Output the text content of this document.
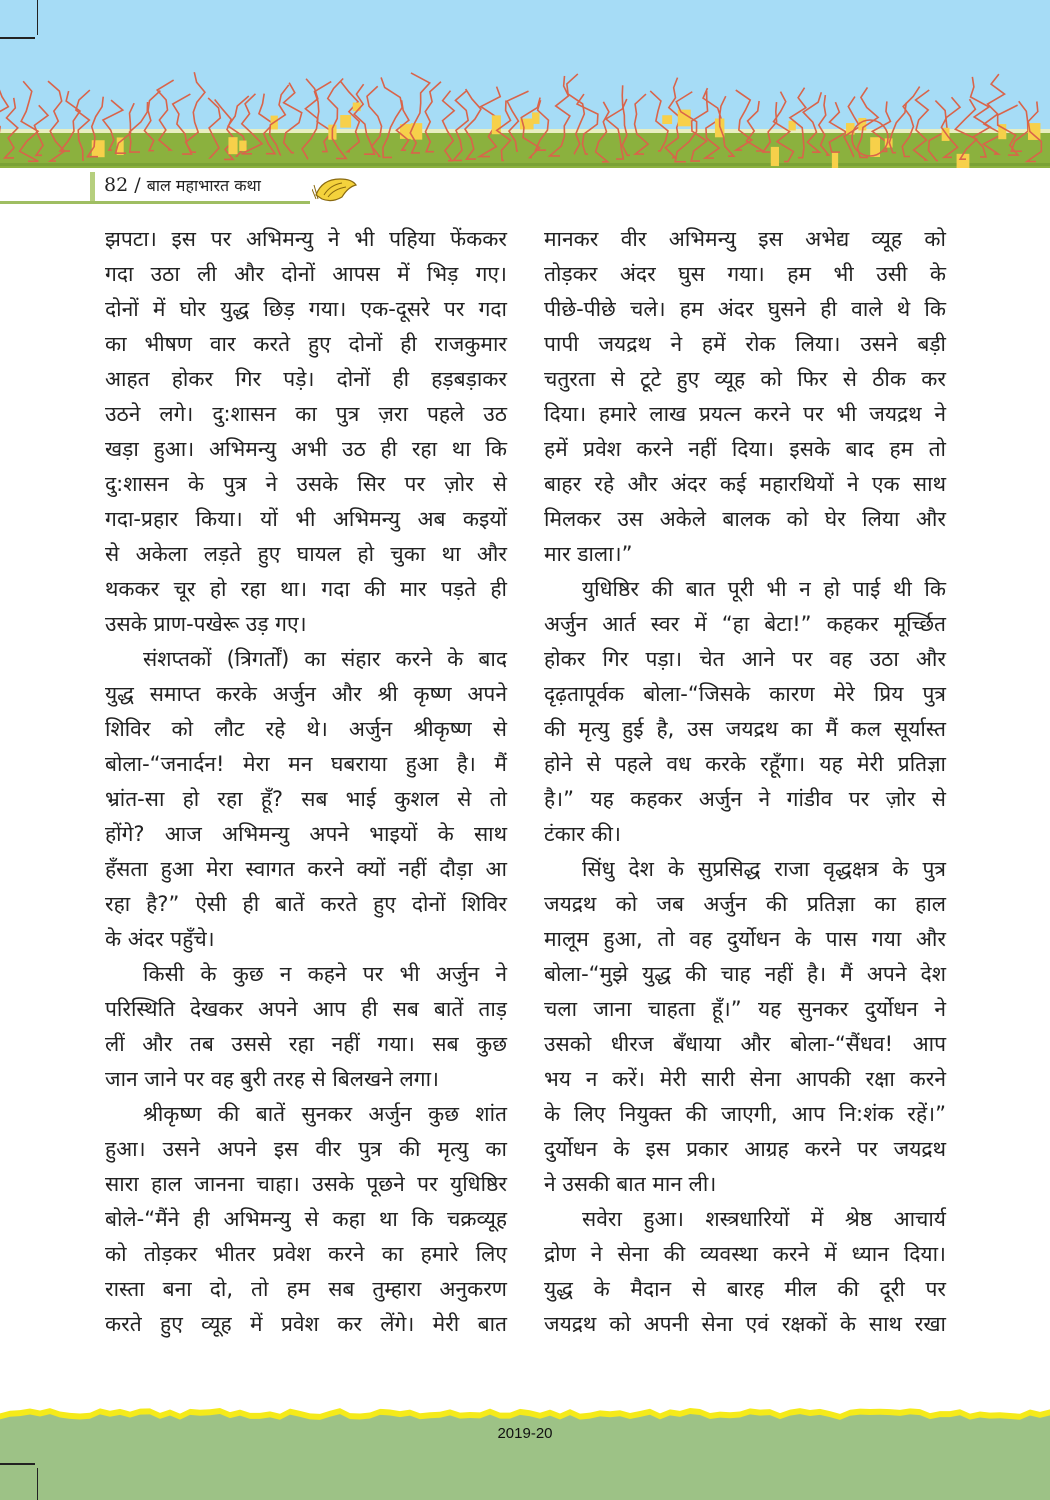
82 / बाल महाभारत कथा
झपटा। इस पर अभिमन्यु ने भी पहिया फेंककर
गदा उठा ली और दोनों आपस में भिड़ गए।
दोनों में घोर युद्ध छिड़ गया। एक-दूसरे पर गदा
का भीषण वार करते हुए दोनों ही राजकुमार
आहत होकर गिर पड़े। दोनों ही हड़बड़ाकर
उठने लगे। दु:शासन का पुत्र ज़रा पहले उठ
खड़ा हुआ। अभिमन्यु अभी उठ ही रहा था कि
दु:शासन के पुत्र ने उसके सिर पर ज़ोर से
गदा-प्रहार किया। यों भी अभिमन्यु अब कइयों
से अकेला लड़ते हुए घायल हो चुका था और
थककर चूर हो रहा था। गदा की मार पड़ते ही
उसके प्राण-पखेरू उड़ गए।
संशप्तकों (त्रिगर्तों) का संहार करने के बाद
युद्ध समाप्त करके अर्जुन और श्री कृष्ण अपने
शिविर को लौट रहे थे। अर्जुन श्रीकृष्ण से
बोला-“जनार्दन! मेरा मन घबराया हुआ है। मैं
भ्रांत-सा हो रहा हूँ? सब भाई कुशल से तो
होंगे? आज अभिमन्यु अपने भाइयों के साथ
हँसता हुआ मेरा स्वागत करने क्यों नहीं दौड़ा आ
रहा है?” ऐसी ही बातें करते हुए दोनों शिविर
के अंदर पहुँचे।
किसी के कुछ न कहने पर भी अर्जुन ने
परिस्थिति देखकर अपने आप ही सब बातें ताड़
लीं और तब उससे रहा नहीं गया। सब कुछ
जान जाने पर वह बुरी तरह से बिलखने लगा।
श्रीकृष्ण की बातें सुनकर अर्जुन कुछ शांत
हुआ। उसने अपने इस वीर पुत्र की मृत्यु का
सारा हाल जानना चाहा। उसके पूछने पर युधिष्ठिर
बोले-“मैंने ही अभिमन्यु से कहा था कि चक्रव्यूह
को तोड़कर भीतर प्रवेश करने का हमारे लिए
रास्ता बना दो, तो हम सब तुम्हारा अनुकरण
करते हुए व्यूह में प्रवेश कर लेंगे। मेरी बात
मानकर वीर अभिमन्यु इस अभेद्य व्यूह को
तोड़कर अंदर घुस गया। हम भी उसी के
पीछे-पीछे चले। हम अंदर घुसने ही वाले थे कि
पापी जयद्रथ ने हमें रोक लिया। उसने बड़ी
चतुरता से टूटे हुए व्यूह को फिर से ठीक कर
दिया। हमारे लाख प्रयत्न करने पर भी जयद्रथ ने
हमें प्रवेश करने नहीं दिया। इसके बाद हम तो
बाहर रहे और अंदर कई महारथियों ने एक साथ
मिलकर उस अकेले बालक को घेर लिया और
मार डाला।”
युधिष्ठिर की बात पूरी भी न हो पाई थी कि
अर्जुन आर्त स्वर में “हा बेटा!” कहकर मूर्च्छित
होकर गिर पड़ा। चेत आने पर वह उठा और
दृढ़तापूर्वक बोला-“जिसके कारण मेरे प्रिय पुत्र
की मृत्यु हुई है, उस जयद्रथ का मैं कल सूर्यास्त
होने से पहले वध करके रहूँगा। यह मेरी प्रतिज्ञा
है।” यह कहकर अर्जुन ने गांडीव पर ज़ोर से
टंकार की।
सिंधु देश के सुप्रसिद्ध राजा वृद्धक्षत्र के पुत्र
जयद्रथ को जब अर्जुन की प्रतिज्ञा का हाल
मालूम हुआ, तो वह दुर्योधन के पास गया और
बोला-“मुझे युद्ध की चाह नहीं है। मैं अपने देश
चला जाना चाहता हूँ।” यह सुनकर दुर्योधन ने
उसको धीरज बँधाया और बोला-“सैंधव! आप
भय न करें। मेरी सारी सेना आपकी रक्षा करने
के लिए नियुक्त की जाएगी, आप नि:शंक रहें।”
दुर्योधन के इस प्रकार आग्रह करने पर जयद्रथ
ने उसकी बात मान ली।
सवेरा हुआ। शस्त्रधारियों में श्रेष्ठ आचार्य
द्रोण ने सेना की व्यवस्था करने में ध्यान दिया।
युद्ध के मैदान से बारह मील की दूरी पर
जयद्रथ को अपनी सेना एवं रक्षकों के साथ रखा
2019-20
